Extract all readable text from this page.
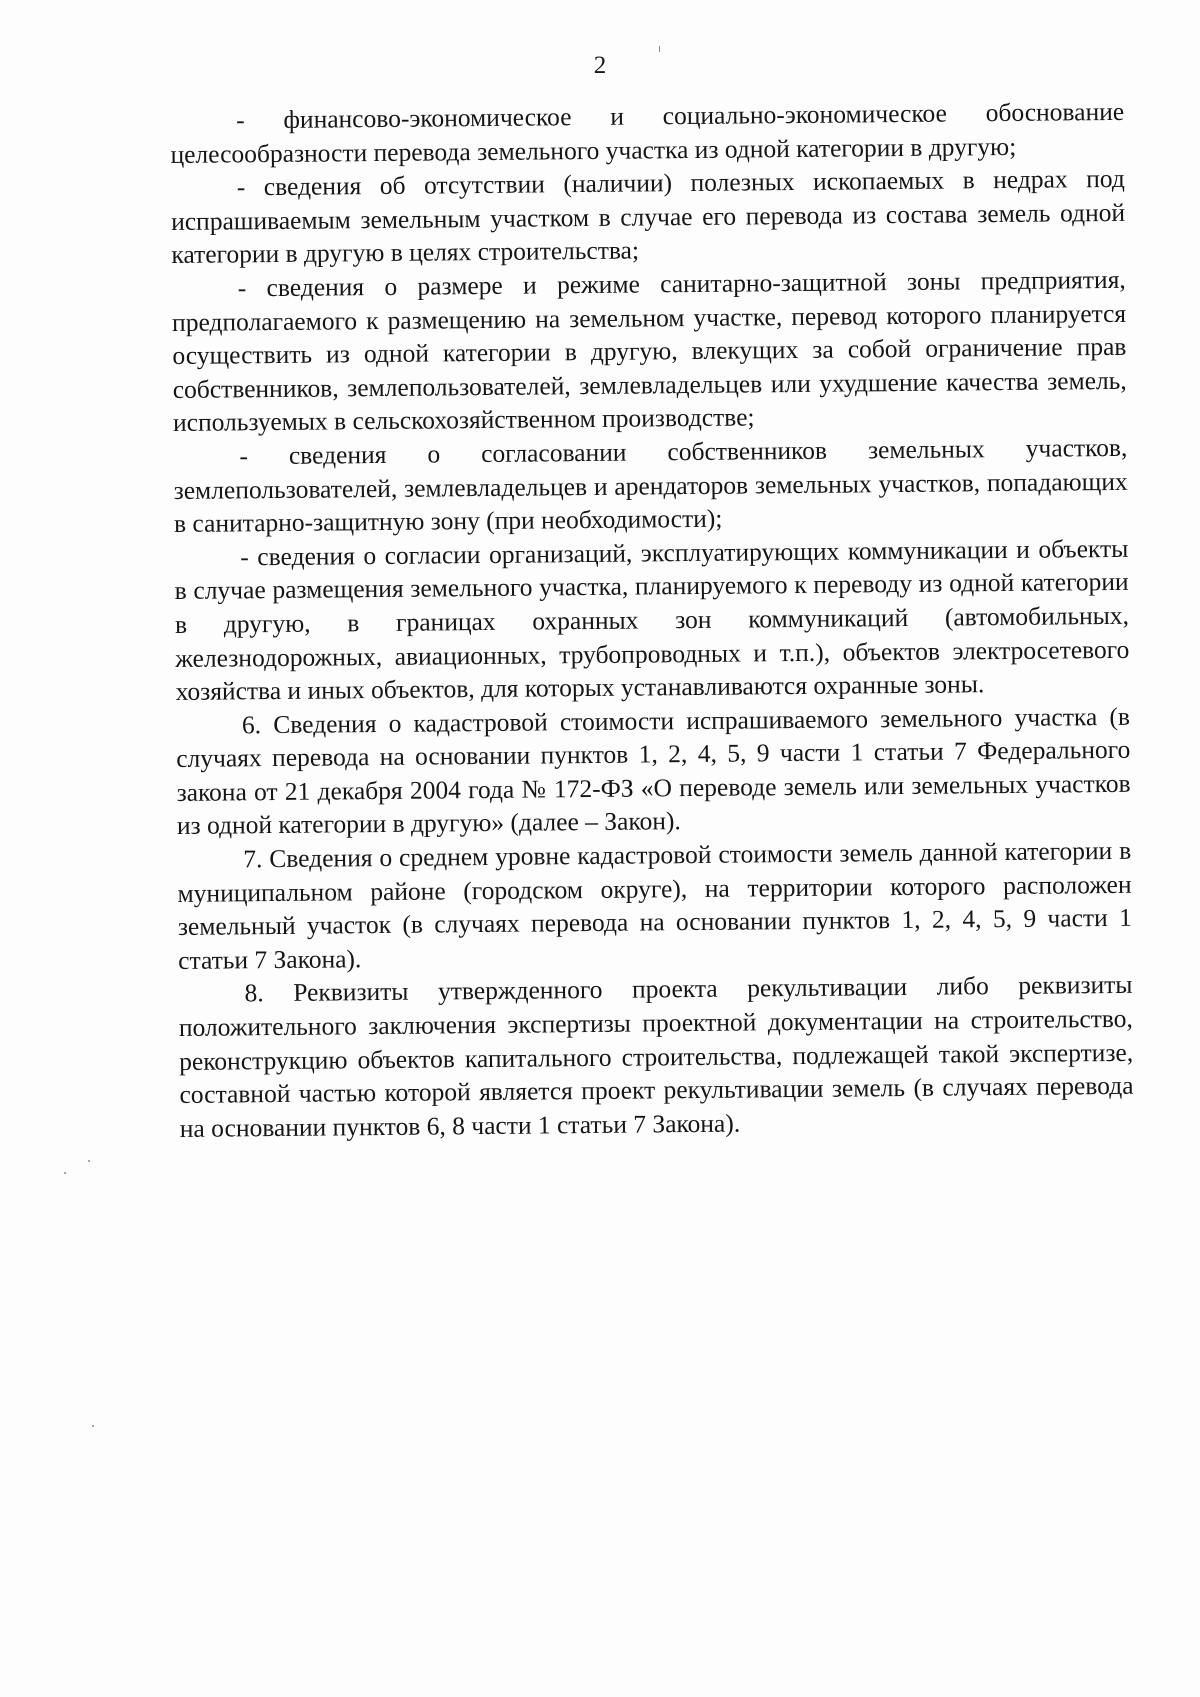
2

- финансово-экономическое и социально-экономическое обоснование целесообразности перевода земельного участка из одной категории в другую;

- сведения об отсутствии (наличии) полезных ископаемых в недрах под испрашиваемым земельным участком в случае его перевода из состава земель одной категории в другую в целях строительства;

- сведения о размере и режиме санитарно-защитной зоны предприятия, предполагаемого к размещению на земельном участке, перевод которого планируется осуществить из одной категории в другую, влекущих за собой ограничение прав собственников, землепользователей, землевладельцев или ухудшение качества земель, используемых в сельскохозяйственном производстве;

- сведения о согласовании собственников земельных участков, землепользователей, землевладельцев и арендаторов земельных участков, попадающих в санитарно-защитную зону (при необходимости);

- сведения о согласии организаций, эксплуатирующих коммуникации и объекты в случае размещения земельного участка, планируемого к переводу из одной категории в другую, в границах охранных зон коммуникаций (автомобильных, железнодорожных, авиационных, трубопроводных и т.п.), объектов электросетевого хозяйства и иных объектов, для которых устанавливаются охранные зоны.

6. Сведения о кадастровой стоимости испрашиваемого земельного участка (в случаях перевода на основании пунктов 1, 2, 4, 5, 9 части 1 статьи 7 Федерального закона от 21 декабря 2004 года № 172-ФЗ «О переводе земель или земельных участков из одной категории в другую» (далее – Закон).

7. Сведения о среднем уровне кадастровой стоимости земель данной категории в муниципальном районе (городском округе), на территории которого расположен земельный участок (в случаях перевода на основании пунктов 1, 2, 4, 5, 9 части 1 статьи 7 Закона).

8. Реквизиты утвержденного проекта рекультивации либо реквизиты положительного заключения экспертизы проектной документации на строительство, реконструкцию объектов капитального строительства, подлежащей такой экспертизе, составной частью которой является проект рекультивации земель (в случаях перевода на основании пунктов 6, 8 части 1 статьи 7 Закона).
